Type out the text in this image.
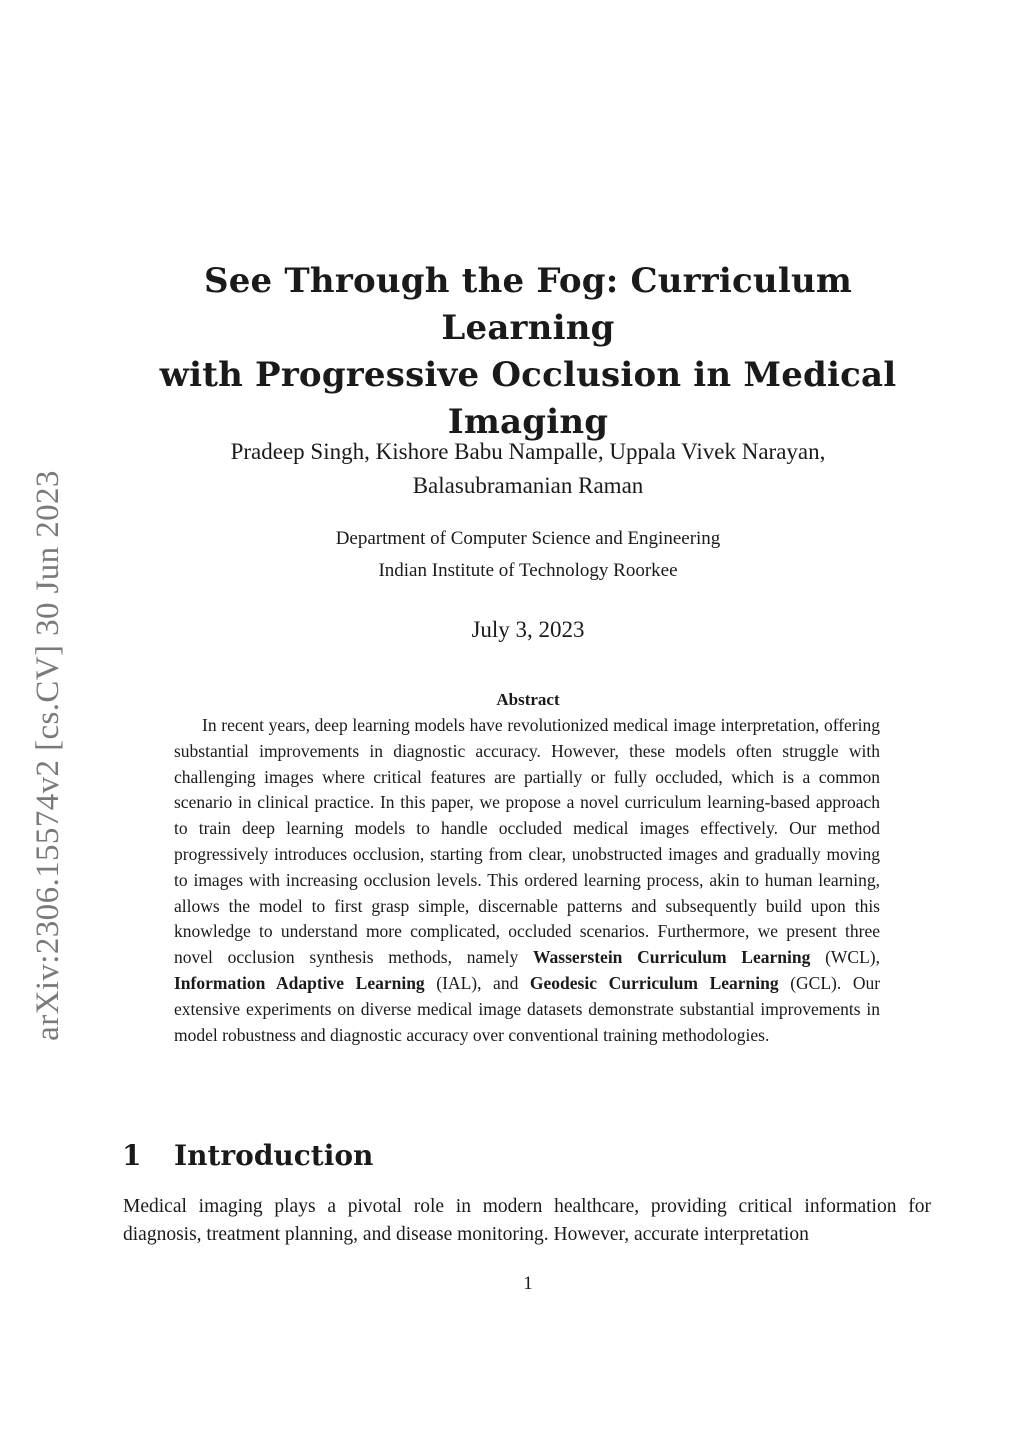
arXiv:2306.15574v2 [cs.CV] 30 Jun 2023
See Through the Fog: Curriculum Learning
with Progressive Occlusion in Medical
Imaging
Pradeep Singh, Kishore Babu Nampalle, Uppala Vivek Narayan,
Balasubramanian Raman
Department of Computer Science and Engineering
Indian Institute of Technology Roorkee
July 3, 2023
Abstract

In recent years, deep learning models have revolutionized medical image interpretation, offering substantial improvements in diagnostic accuracy. However, these models often struggle with challenging images where critical features are partially or fully occluded, which is a common scenario in clinical practice. In this paper, we propose a novel curriculum learning-based approach to train deep learning models to handle occluded medical images effectively. Our method progressively introduces occlusion, starting from clear, unobstructed images and gradually moving to images with increasing occlusion levels. This ordered learning process, akin to human learning, allows the model to first grasp simple, discernable patterns and subsequently build upon this knowledge to understand more complicated, occluded scenarios. Furthermore, we present three novel occlusion synthesis methods, namely Wasserstein Curriculum Learning (WCL), Information Adaptive Learning (IAL), and Geodesic Curriculum Learning (GCL). Our extensive experiments on diverse medical image datasets demonstrate substantial improvements in model robustness and diagnostic accuracy over conventional training methodologies.

1	Introduction

Medical imaging plays a pivotal role in modern healthcare, providing critical information for diagnosis, treatment planning, and disease monitoring. However, accurate interpretation

1
